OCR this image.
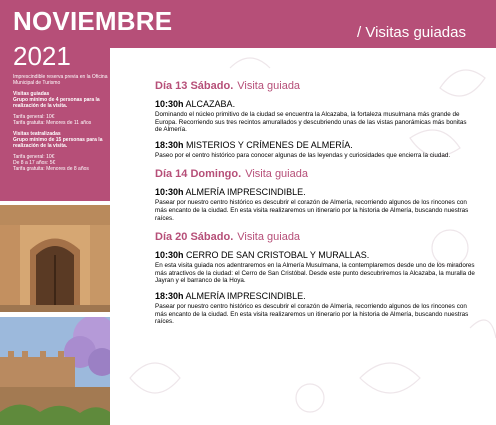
NOVIEMBRE	/ Visitas guiadas
2021
Imprescindible reserva previa en la Oficina Municipal de Turismo
Visitas guiadas
Grupo mínimo de 4 personas para la realización de la visita.
Tarifa general: 10€
Tarifa gratuita: Menores de 11 años
Visitas teatralizadas
Grupo mínimo de 15 personas para la realización de la visita.
Tarifa general: 10€
De 8 a 17 años: 5€
Tarifa gratuita: Menores de 8 años
Día 13 Sábado. Visita guiada
10:30h ALCAZABA.
Dominando el núcleo primitivo de la ciudad se encuentra la Alcazaba, la fortaleza musulmana más grande de Europa. Recorriendo sus tres recintos amurallados y descubriendo unas de las vistas panorámicas más bonitas de Almería.
18:30h MISTERIOS Y CRÍMENES DE ALMERÍA.
Paseo por el centro histórico para conocer algunas de las leyendas y curiosidades que encierra la ciudad.
Día 14 Domingo. Visita guiada
10:30h ALMERÍA IMPRESCINDIBLE.
Pasear por nuestro centro histórico es descubrir el corazón de Almería, recorriendo algunos de los rincones con más encanto de la ciudad. En esta visita realizaremos un itinerario por la historia de Almería, buscando nuestras raíces.
Día 20 Sábado. Visita guiada
10:30h CERRO DE SAN CRISTOBAL Y MURALLAS.
En esta visita guiada nos adentraremos en la Almería Musulmana, la contemplaremos desde uno de los miradores más atractivos de la ciudad: el Cerro de San Cristóbal. Desde este punto descubriremos la Alcazaba, la muralla de Jayran y el barranco de la Hoya.
18:30h ALMERÍA IMPRESCINDIBLE.
Pasear por nuestro centro histórico es descubrir el corazón de Almería, recorriendo algunos de los rincones con más encanto de la ciudad. En esta visita realizaremos un itinerario por la historia de Almería, buscando nuestras raíces.
